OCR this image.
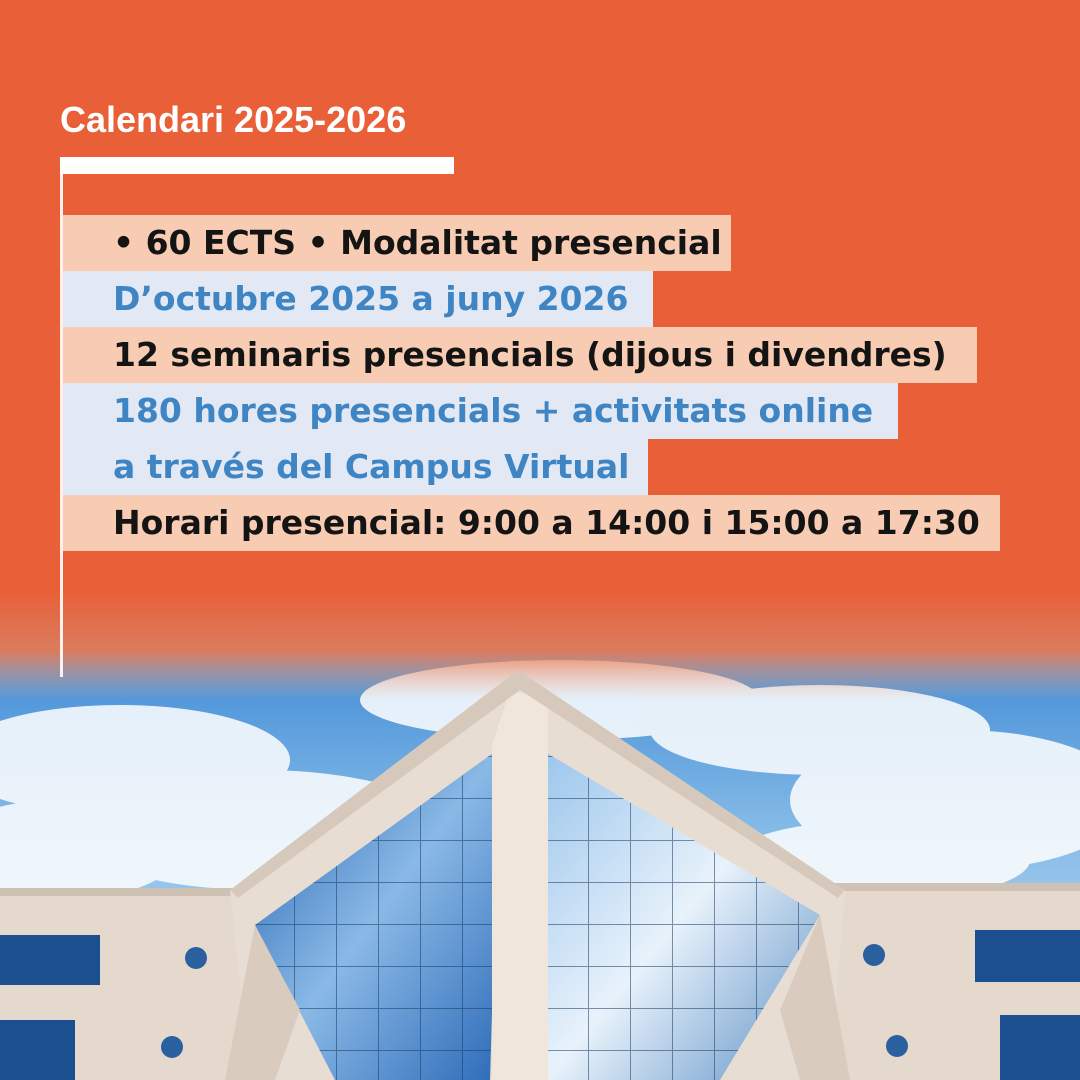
Calendari 2025-2026
• 60 ECTS • Modalitat presencial
D’octubre 2025 a juny 2026
12 seminaris presencials (dijous i divendres)
180 hores presencials + activitats online
a través del Campus Virtual
Horari presencial: 9:00 a 14:00 i 15:00 a 17:30
